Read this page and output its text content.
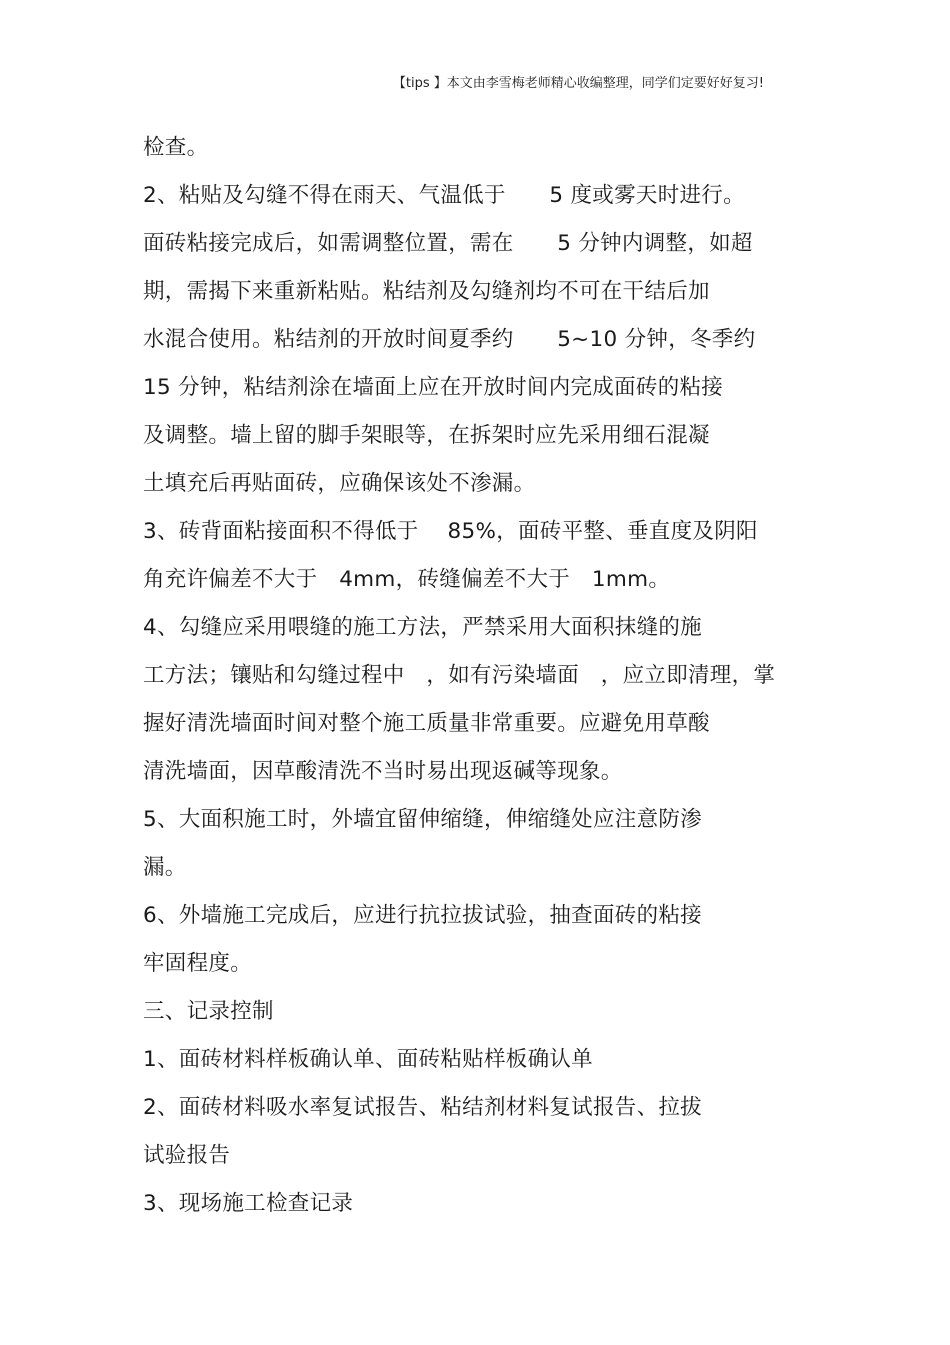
【tips 】本文由李雪梅老师精心收编整理，同学们定要好好复习!
检查。
2、粘贴及勾缝不得在雨天、气温低于　　5 度或雾天时进行。
面砖粘接完成后，如需调整位置，需在　　5 分钟内调整，如超
期，需揭下来重新粘贴。粘结剂及勾缝剂均不可在干结后加
水混合使用。粘结剂的开放时间夏季约　　5~10 分钟，冬季约
15 分钟，粘结剂涂在墙面上应在开放时间内完成面砖的粘接
及调整。墙上留的脚手架眼等，在拆架时应先采用细石混凝
土填充后再贴面砖，应确保该处不渗漏。
3、砖背面粘接面积不得低于　 85%，面砖平整、垂直度及阴阳
角充许偏差不大于　4mm，砖缝偏差不大于　1mm。
4、勾缝应采用喂缝的施工方法，严禁采用大面积抹缝的施
工方法；镶贴和勾缝过程中　，如有污染墙面　，应立即清理，掌
握好清洗墙面时间对整个施工质量非常重要。应避免用草酸
清洗墙面，因草酸清洗不当时易出现返碱等现象。
5、大面积施工时，外墙宜留伸缩缝，伸缩缝处应注意防渗
漏。
6、外墙施工完成后，应进行抗拉拔试验，抽查面砖的粘接
牢固程度。
三、记录控制
1、面砖材料样板确认单、面砖粘贴样板确认单
2、面砖材料吸水率复试报告、粘结剂材料复试报告、拉拔
试验报告
3、现场施工检查记录
